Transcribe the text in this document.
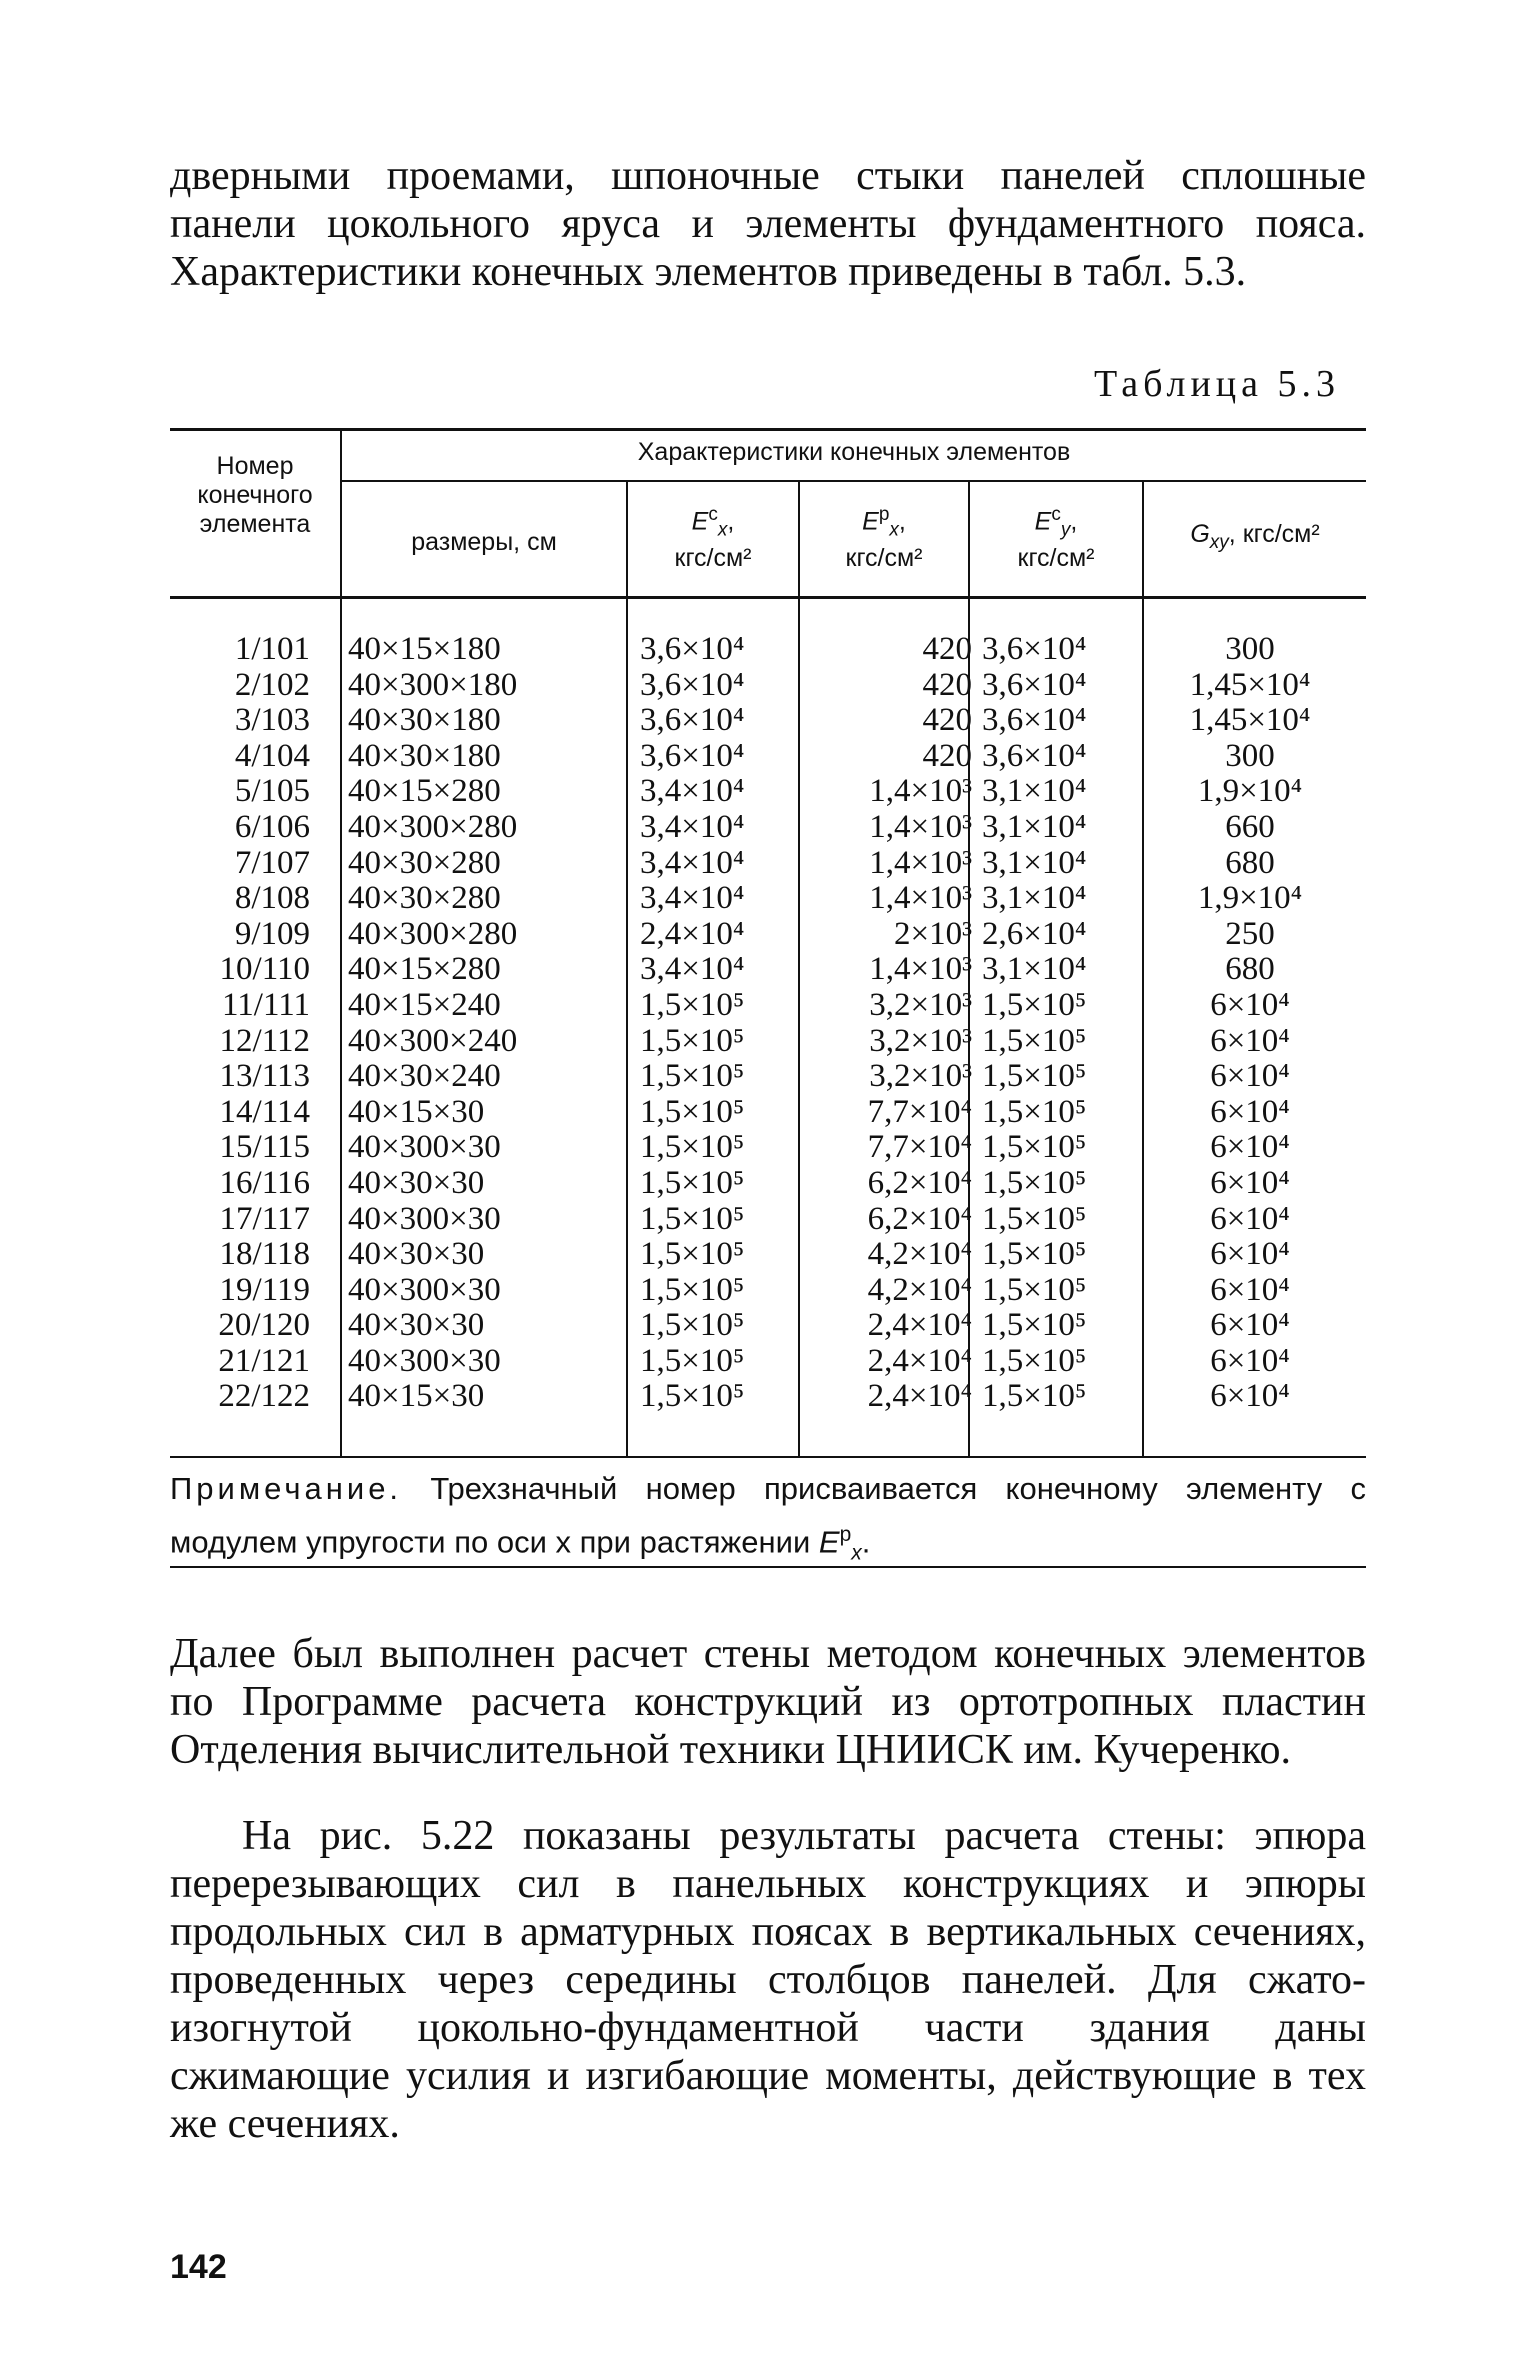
дверными проемами, шпоночные стыки панелей сплошные панели цокольного яруса и элементы фундаментного пояса. Характеристики конечных элементов приведены в табл. 5.3.

Таблица 5.3
Номер конечного элемента
Характеристики конечных элементов
размеры, см
$E^c_x$,
кгс/см²
$E^p_x$,
кгс/см²
$E^c_y$,
кгс/см²
$G_{xy}$, кгс/см²
1/101
2/102
3/103
4/104
5/105
6/106
7/107
8/108
9/109
10/110
11/111
12/112
13/113
14/114
15/115
16/116
17/117
18/118
19/119
20/120
21/121
22/122
40×15×180
40×300×180
40×30×180
40×30×180
40×15×280
40×300×280
40×30×280
40×30×280
40×300×280
40×15×280
40×15×240
40×300×240
40×30×240
40×15×30
40×300×30
40×30×30
40×300×30
40×30×30
40×300×30
40×30×30
40×300×30
40×15×30
3,6×10⁴
3,6×10⁴
3,6×10⁴
3,6×10⁴
3,4×10⁴
3,4×10⁴
3,4×10⁴
3,4×10⁴
2,4×10⁴
3,4×10⁴
1,5×10⁵
1,5×10⁵
1,5×10⁵
1,5×10⁵
1,5×10⁵
1,5×10⁵
1,5×10⁵
1,5×10⁵
1,5×10⁵
1,5×10⁵
1,5×10⁵
1,5×10⁵
420
420
420
420
1,4×10³
1,4×10³
1,4×10³
1,4×10³
2×10³
1,4×10³
3,2×10³
3,2×10³
3,2×10³
7,7×10⁴
7,7×10⁴
6,2×10⁴
6,2×10⁴
4,2×10⁴
4,2×10⁴
2,4×10⁴
2,4×10⁴
2,4×10⁴
3,6×10⁴
3,6×10⁴
3,6×10⁴
3,6×10⁴
3,1×10⁴
3,1×10⁴
3,1×10⁴
3,1×10⁴
2,6×10⁴
3,1×10⁴
1,5×10⁵
1,5×10⁵
1,5×10⁵
1,5×10⁵
1,5×10⁵
1,5×10⁵
1,5×10⁵
1,5×10⁵
1,5×10⁵
1,5×10⁵
1,5×10⁵
1,5×10⁵
300
1,45×10⁴
1,45×10⁴
300
1,9×10⁴
660
680
1,9×10⁴
250
680
6×10⁴
6×10⁴
6×10⁴
6×10⁴
6×10⁴
6×10⁴
6×10⁴
6×10⁴
6×10⁴
6×10⁴
6×10⁴
6×10⁴
Примечание. Трехзначный номер присваивается конечному элементу с модулем упругости по оси x при растяжении $E^p_x$.

Далее был выполнен расчет стены методом конечных элементов по Программе расчета конструкций из ортотропных пластин Отделения вычислительной техники ЦНИИСК им. Кучеренко.

На рис. 5.22 показаны результаты расчета стены: эпюра перерезывающих сил в панельных конструкциях и эпюры продольных сил в арматурных поясах в вертикальных сечениях, проведенных через середины столбцов панелей. Для сжато-изогнутой цокольно-фундаментной части здания даны сжимающие усилия и изгибающие моменты, действующие в тех же сечениях.

142
